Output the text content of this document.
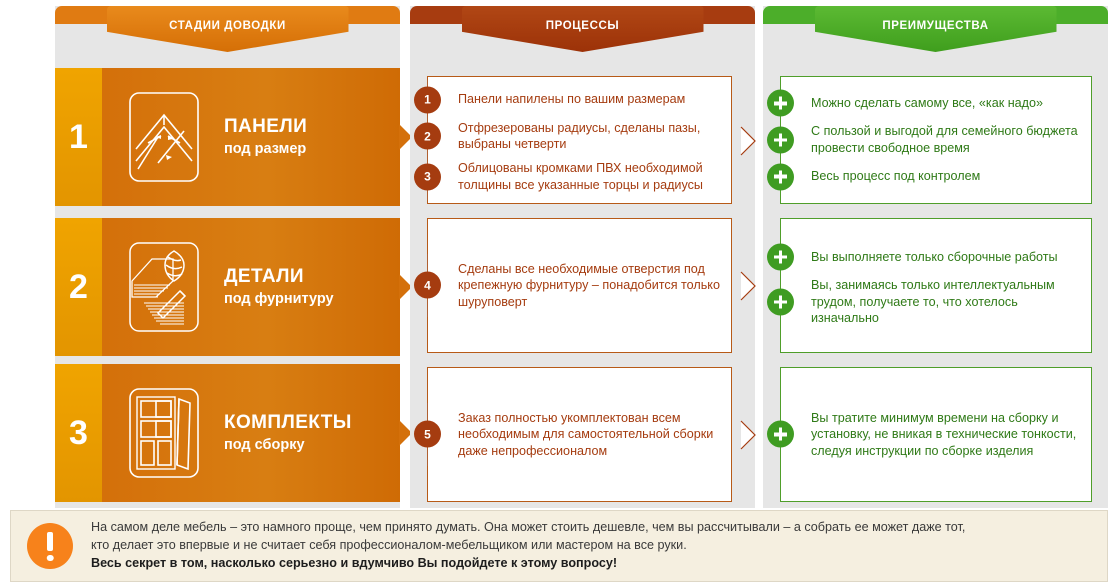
СТАДИИ ДОВОДКИ
1	ПАНЕЛИ
под размер
2	ДЕТАЛИ
под фурнитуру
3	КОМПЛЕКТЫ
под сборку
ПРОЦЕССЫ
1	Панели напилены по вашим размерам
2
Отфрезерованы радиусы, сделаны пазы, выбраны четверти
3
Облицованы кромками ПВХ необходимой толщины все указанные торцы и радиусы
4
Сделаны все необходимые отверстия под крепежную фурнитуру – понадобится только шуруповерт
5
Заказ полностью укомплектован всем необходимым для самостоятельной сборки даже непрофессионалом
ПРЕИМУЩЕСТВА
Можно сделать самому все, «как надо»
С пользой и выгодой для семейного бюджета провести свободное время
Весь процесс под контролем
Вы выполняете только сборочные работы
Вы, занимаясь только интеллектуальным трудом, получаете то, что хотелось изначально
Вы тратите минимум времени на сборку и установку, не вникая в технические тонкости, следуя инструкции по сборке изделия
На самом деле мебель – это намного проще, чем принято думать. Она может стоить дешевле, чем вы рассчитывали – а собрать ее может даже тот,
кто делает это впервые и не считает себя профессионалом-мебельщиком или мастером на все руки.
Весь секрет в том, насколько серьезно и вдумчиво Вы подойдете к этому вопросу!
